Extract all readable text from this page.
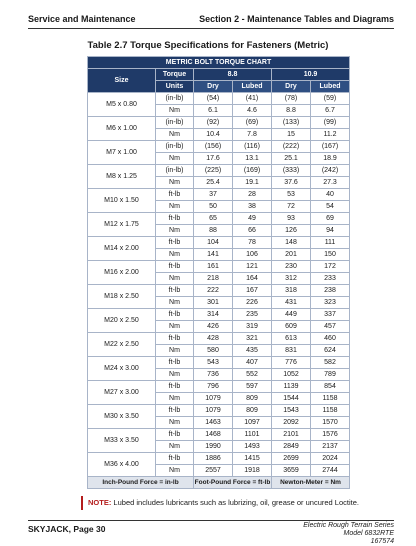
Service and Maintenance	Section 2 - Maintenance Tables and Diagrams
Table 2.7 Torque Specifications for Fasteners (Metric)
METRIC BOLT TORQUE CHART					
Size	Torque	8.8		10.9	
	Units	Dry	Lubed	Dry	Lubed
M5 x 0.80	(in-lb)	(54)	(41)	(78)	(59)
	Nm	6.1	4.6	8.8	6.7
M6 x 1.00	(in-lb)	(92)	(69)	(133)	(99)
	Nm	10.4	7.8	15	11.2
M7 x 1.00	(in-lb)	(156)	(116)	(222)	(167)
	Nm	17.6	13.1	25.1	18.9
M8 x 1.25	(in-lb)	(225)	(169)	(333)	(242)
	Nm	25.4	19.1	37.6	27.3
M10 x 1.50	ft-lb	37	28	53	40
	Nm	50	38	72	54
M12 x 1.75	ft-lb	65	49	93	69
	Nm	88	66	126	94
M14 x 2.00	ft-lb	104	78	148	111
	Nm	141	106	201	150
M16 x 2.00	ft-lb	161	121	230	172
	Nm	218	164	312	233
M18 x 2.50	ft-lb	222	167	318	238
	Nm	301	226	431	323
M20 x 2.50	ft-lb	314	235	449	337
	Nm	426	319	609	457
M22 x 2.50	ft-lb	428	321	613	460
	Nm	580	435	831	624
M24 x 3.00	ft-lb	543	407	776	582
	Nm	736	552	1052	789
M27 x 3.00	ft-lb	796	597	1139	854
	Nm	1079	809	1544	1158
M30 x 3.50	ft-lb	1079	809	1543	1158
	Nm	1463	1097	2092	1570
M33 x 3.50	ft-lb	1468	1101	2101	1576
	Nm	1990	1493	2849	2137
M36 x 4.00	ft-lb	1886	1415	2699	2024
	Nm	2557	1918	3659	2744
Inch-Pound Force = in-lb		Foot-Pound Force = ft-lb		Newton-Meter = Nm	
NOTE: Lubed includes lubricants such as lubrizing, oil, grease or uncured Loctite.
SKYJACK, Page 30	Electric Rough Terrain Series
Model 6832RTE
167574
